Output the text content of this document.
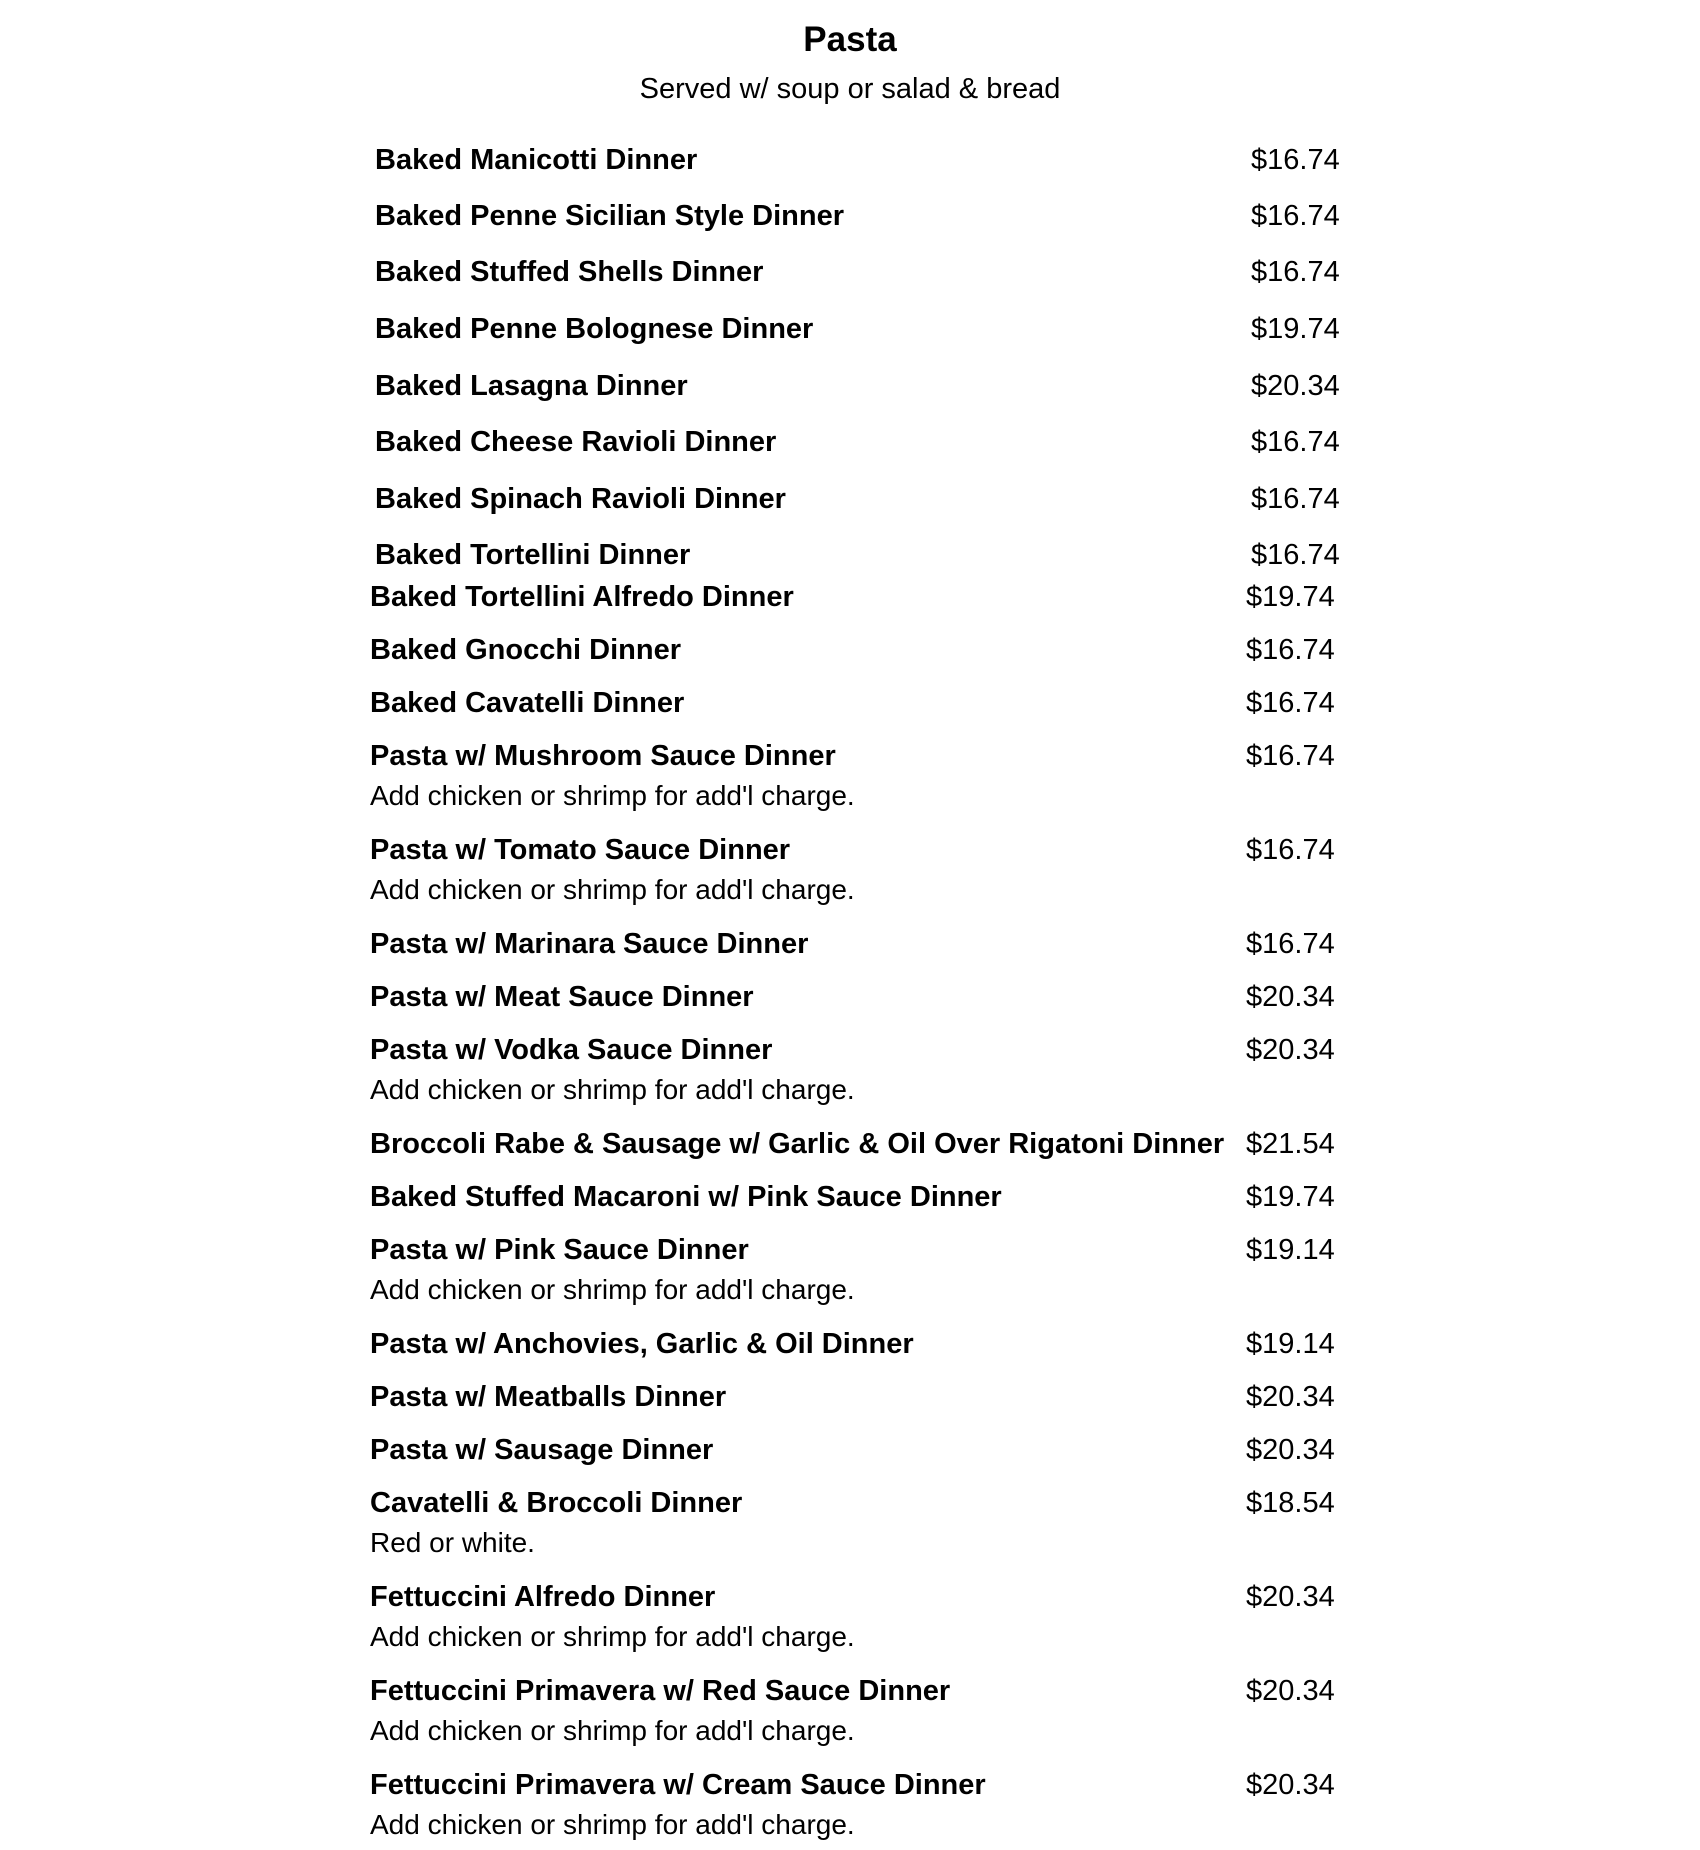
Pasta
Served w/ soup or salad & bread
Baked Manicotti Dinner	$16.74
Baked Penne Sicilian Style Dinner	$16.74
Baked Stuffed Shells Dinner	$16.74
Baked Penne Bolognese Dinner	$19.74
Baked Lasagna Dinner	$20.34
Baked Cheese Ravioli Dinner	$16.74
Baked Spinach Ravioli Dinner	$16.74
Baked Tortellini Dinner	$16.74
Baked Tortellini Alfredo Dinner	$19.74
Baked Gnocchi Dinner	$16.74
Baked Cavatelli Dinner	$16.74
Pasta w/ Mushroom Sauce Dinner	$16.74
Add chicken or shrimp for add'l charge.
Pasta w/ Tomato Sauce Dinner	$16.74
Add chicken or shrimp for add'l charge.
Pasta w/ Marinara Sauce Dinner	$16.74
Pasta w/ Meat Sauce Dinner	$20.34
Pasta w/ Vodka Sauce Dinner	$20.34
Add chicken or shrimp for add'l charge.
Broccoli Rabe & Sausage w/ Garlic & Oil Over Rigatoni Dinner $21.54
Baked Stuffed Macaroni w/ Pink Sauce Dinner	$19.74
Pasta w/ Pink Sauce Dinner	$19.14
Add chicken or shrimp for add'l charge.
Pasta w/ Anchovies, Garlic & Oil Dinner	$19.14
Pasta w/ Meatballs Dinner	$20.34
Pasta w/ Sausage Dinner	$20.34
Cavatelli & Broccoli Dinner	$18.54
Red or white.
Fettuccini Alfredo Dinner	$20.34
Add chicken or shrimp for add'l charge.
Fettuccini Primavera w/ Red Sauce Dinner	$20.34
Add chicken or shrimp for add'l charge.
Fettuccini Primavera w/ Cream Sauce Dinner	$20.34
Add chicken or shrimp for add'l charge.
